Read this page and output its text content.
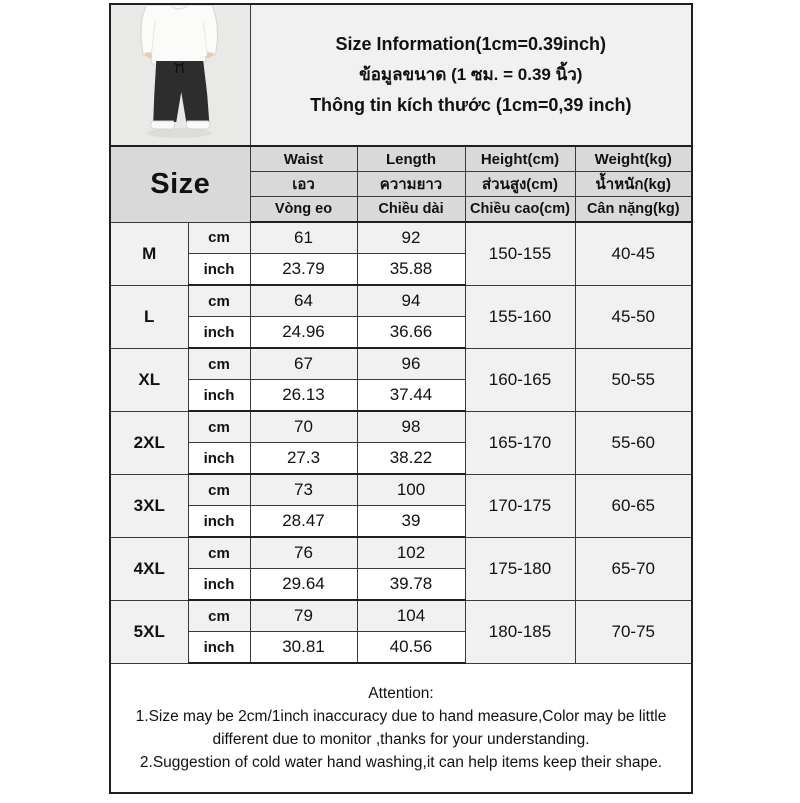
Size Information(1cm=0.39inch)
ข้อมูลขนาด (1 ซม. = 0.39 นิ้ว)
Thông tin kích thước (1cm=0,39 inch)			

Size		Waist	Length	Height(cm)	Weight(kg)
		เอว	ความยาว	ส่วนสูง(cm)	น้ำหนัก(kg)
		Vòng eo	Chiều dài	Chiều cao(cm)	Cân nặng(kg)
M	cm	61	92	150-155	40-45
	inch	23.79	35.88		
L	cm	64	94	155-160	45-50
	inch	24.96	36.66		
XL	cm	67	96	160-165	50-55
	inch	26.13	37.44		
2XL	cm	70	98	165-170	55-60
	inch	27.3	38.22		
3XL	cm	73	100	170-175	60-65
	inch	28.47	39		
4XL	cm	76	102	175-180	65-70
	inch	29.64	39.78		
5XL	cm	79	104	180-185	70-75
	inch	30.81	40.56		

Attention:

1.Size may be 2cm/1inch inaccuracy due to hand measure,Color may be little different due to monitor ,thanks for your understanding.

2.Suggestion of cold water hand washing,it can help items keep their shape.					
